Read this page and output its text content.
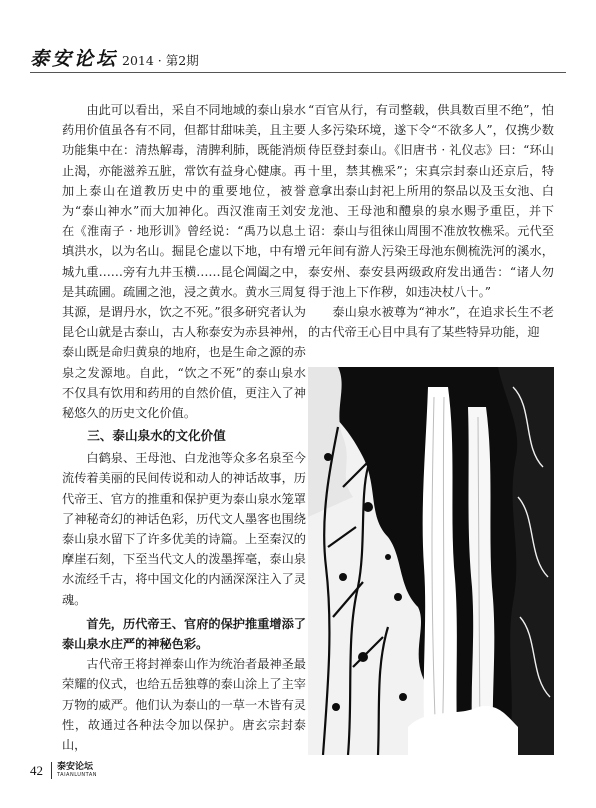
泰安论坛 2014 · 第2期

由此可以看出，采自不同地域的泰山泉水药用价值虽各有不同，但都甘甜味美，且主要功能集中在：清热解毒，清脾利肺，既能消烦止渴，亦能滋养五脏，常饮有益身心健康。再加上泰山在道教历史中的重要地位，被誉为“泰山神水”而大加神化。西汉淮南王刘安在《淮南子 · 地形训》曾经说：“禹乃以息土填洪水，以为名山。掘昆仑虚以下地，中有增城九重……旁有九井玉横……昆仑阊阖之中，是其疏圃。疏圃之池，浸之黄水。黄水三周复其源，是谓丹水，饮之不死。”很多研究者认为昆仑山就是古泰山，古人称泰安为赤县神州，泰山既是命归黄泉的地府，也是生命之源的赤泉之发源地。自此，“饮之不死”的泰山泉水不仅具有饮用和药用的自然价值，更注入了神秘悠久的历史文化价值。

三、泰山泉水的文化价值

白鹤泉、王母池、白龙池等众多名泉至今流传着美丽的民间传说和动人的神话故事，历代帝王、官方的推重和保护更为泰山泉水笼罩了神秘奇幻的神话色彩，历代文人墨客也围绕泰山泉水留下了许多优美的诗篇。上至秦汉的摩崖石刻，下至当代文人的泼墨挥毫，泰山泉水流经千古，将中国文化的内涵深深注入了灵魂。

首先，历代帝王、官府的保护推重增添了泰山泉水庄严的神秘色彩。

古代帝王将封禅泰山作为统治者最神圣最荣耀的仪式，也给五岳独尊的泰山涂上了主宰万物的威严。他们认为泰山的一草一木皆有灵性，故通过各种法令加以保护。唐玄宗封泰山，

“百官从行，有司整载，供具数百里不绝”，怕人多污染环境，遂下令“不欲多人”，仅携少数侍臣登封泰山。《旧唐书 · 礼仪志》曰：“环山十里，禁其樵采”；宋真宗封泰山还京后，特意拿出泰山封祀上所用的祭品以及玉女池、白龙池、王母池和醴泉的泉水赐予重臣，并下诏：泰山与徂徕山周围不准放牧樵采。元代至元年间有游人污染王母池东侧梳洗河的溪水，泰安州、泰安县两级政府发出通告：“诸人勿得于池上下作秽，如违决杖八十。”

泰山泉水被尊为“神水”，在追求长生不老的古代帝王心目中具有了某些特异功能，迎

42 泰安论坛
TAIANLUNTAN
